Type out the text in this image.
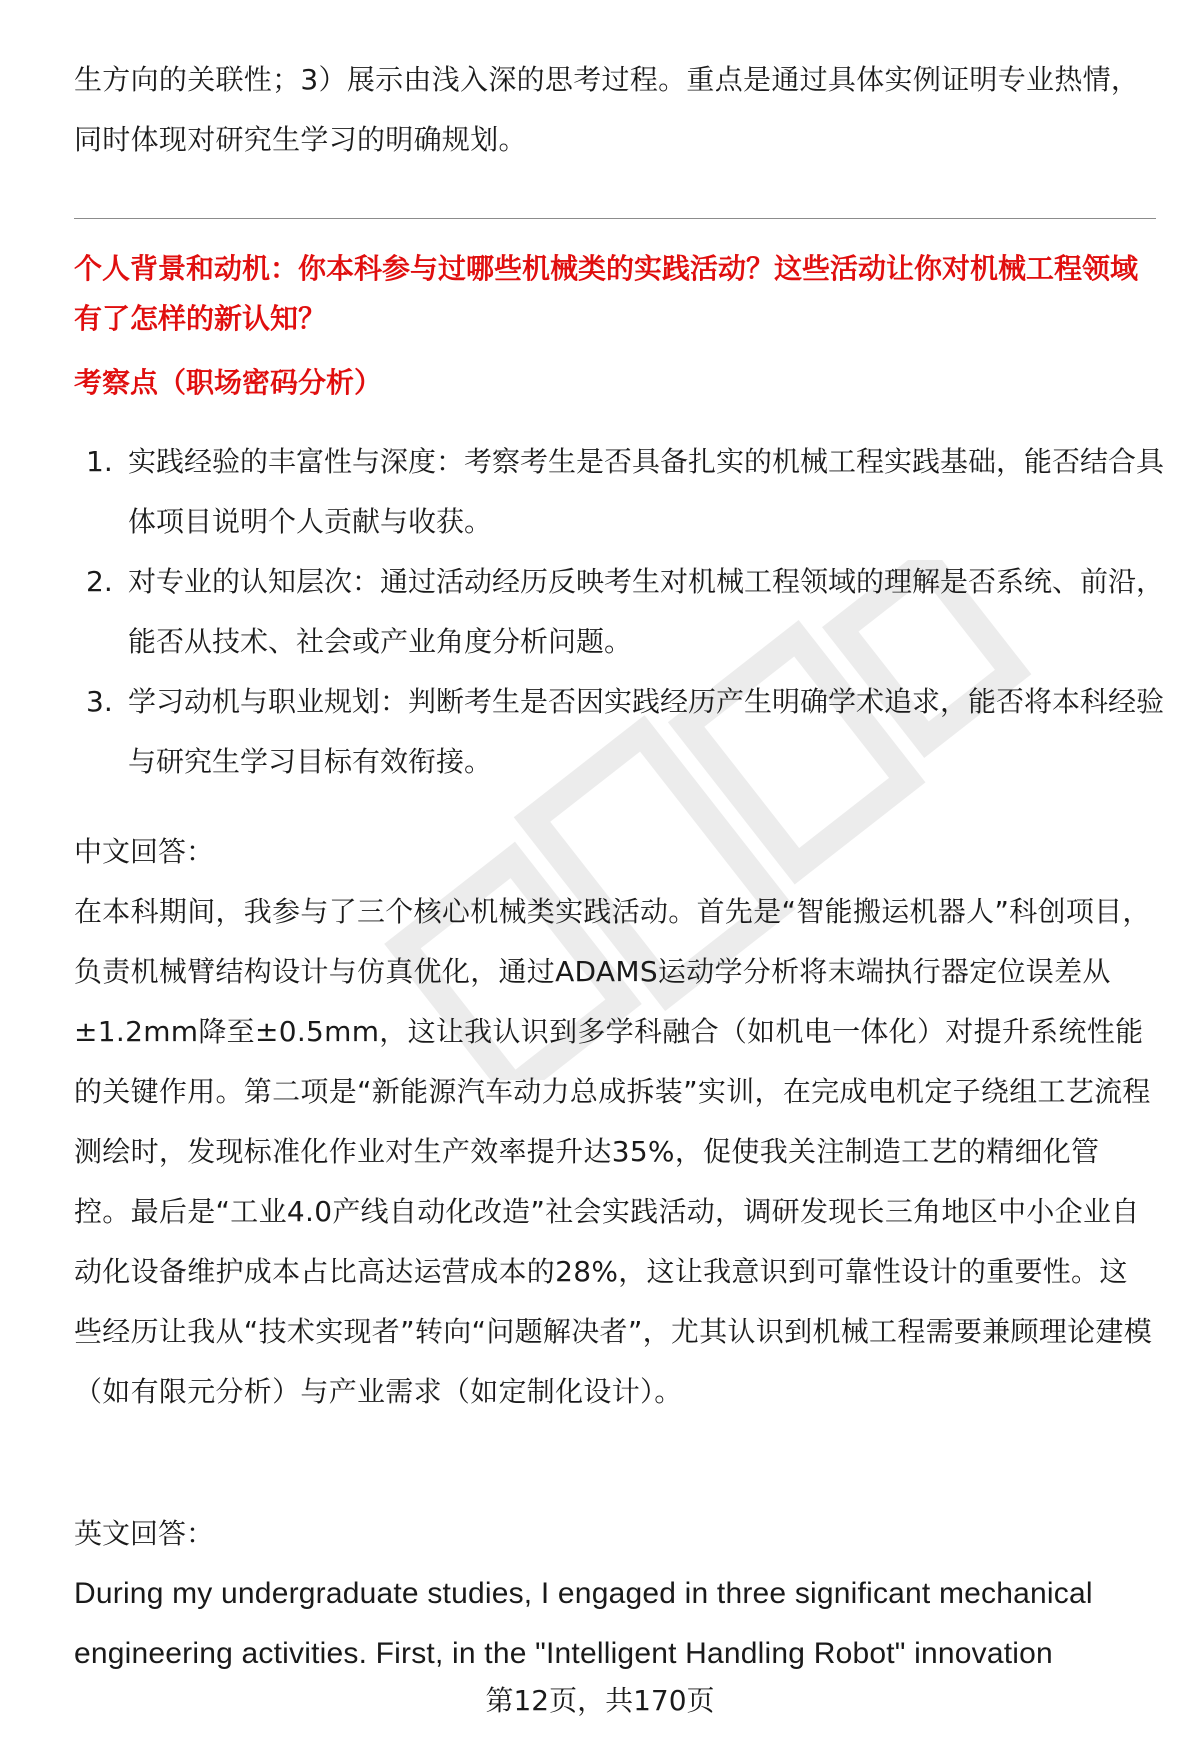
生方向的关联性；3）展示由浅入深的思考过程。重点是通过具体实例证明专业热情，同时体现对研究生学习的明确规划。
个人背景和动机：你本科参与过哪些机械类的实践活动？这些活动让你对机械工程领域有了怎样的新认知？
考察点（职场密码分析）
1. 实践经验的丰富性与深度：考察考生是否具备扎实的机械工程实践基础，能否结合具体项目说明个人贡献与收获。
2. 对专业的认知层次：通过活动经历反映考生对机械工程领域的理解是否系统、前沿，能否从技术、社会或产业角度分析问题。
3. 学习动机与职业规划：判断考生是否因实践经历产生明确学术追求，能否将本科经验与研究生学习目标有效衔接。
中文回答：
在本科期间，我参与了三个核心机械类实践活动。首先是“智能搬运机器人”科创项目，负责机械臂结构设计与仿真优化，通过ADAMS运动学分析将末端执行器定位误差从±1.2mm降至±0.5mm，这让我认识到多学科融合（如机电一体化）对提升系统性能的关键作用。第二项是“新能源汽车动力总成拆装”实训，在完成电机定子绕组工艺流程测绘时，发现标准化作业对生产效率提升达35%，促使我关注制造工艺的精细化管控。最后是“工业4.0产线自动化改造”社会实践活动，调研发现长三角地区中小企业自动化设备维护成本占比高达运营成本的28%，这让我意识到可靠性设计的重要性。这些经历让我从“技术实现者”转向“问题解决者”，尤其认识到机械工程需要兼顾理论建模（如有限元分析）与产业需求（如定制化设计）。
英文回答：
During my undergraduate studies, I engaged in three significant mechanical engineering activities. First, in the "Intelligent Handling Robot" innovation
第12页，共170页
